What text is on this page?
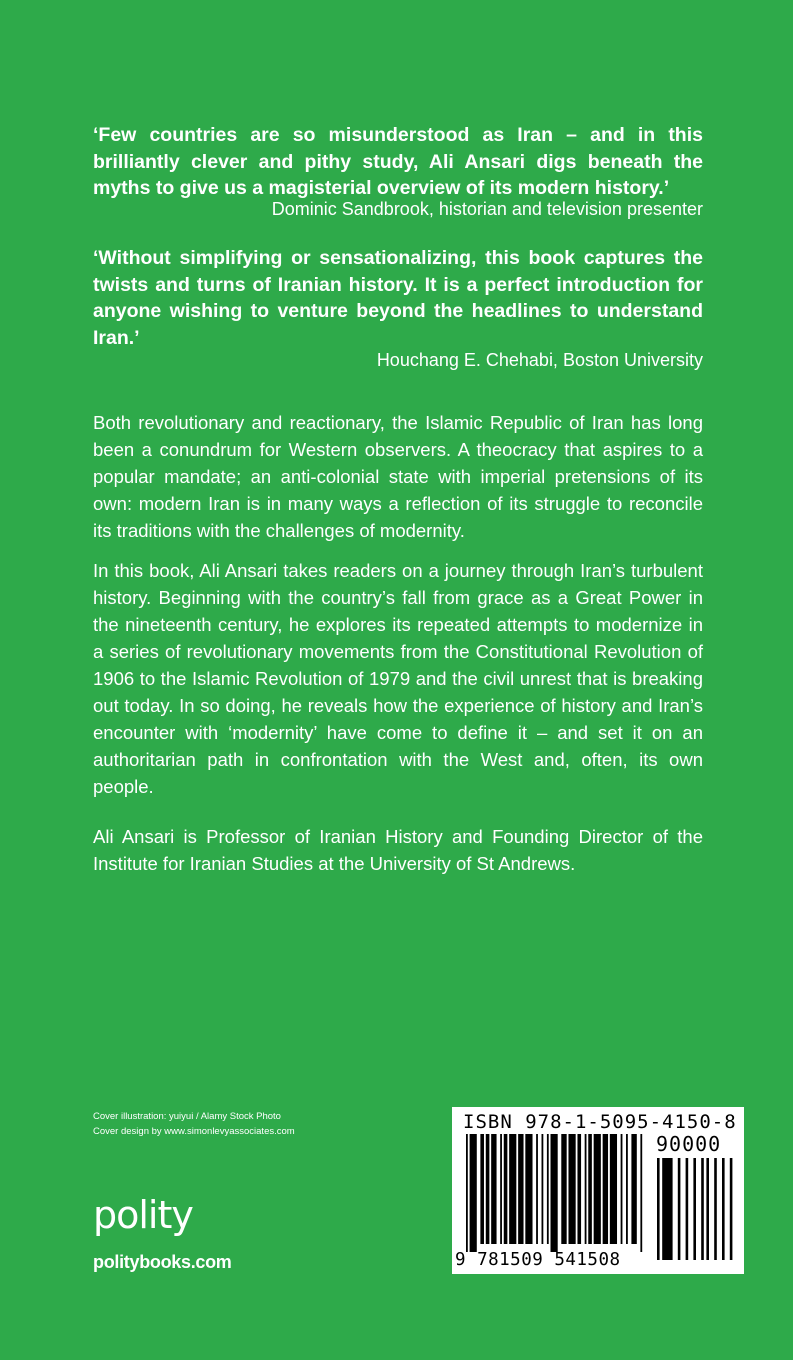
‘Few countries are so misunderstood as Iran – and in this brilliantly clever and pithy study, Ali Ansari digs beneath the myths to give us a magisterial overview of its modern history.’
Dominic Sandbrook, historian and television presenter
‘Without simplifying or sensationalizing, this book captures the twists and turns of Iranian history. It is a perfect introduction for anyone wishing to venture beyond the headlines to understand Iran.’
Houchang E. Chehabi, Boston University

Both revolutionary and reactionary, the Islamic Republic of Iran has long been a conundrum for Western observers. A theocracy that aspires to a popular mandate; an anti-colonial state with imperial pretensions of its own: modern Iran is in many ways a reflection of its struggle to reconcile its traditions with the challenges of modernity.

In this book, Ali Ansari takes readers on a journey through Iran’s turbulent history. Beginning with the country’s fall from grace as a Great Power in the nineteenth century, he explores its repeated attempts to modernize in a series of revolutionary movements from the Constitutional Revolution of 1906 to the Islamic Revolution of 1979 and the civil unrest that is breaking out today. In so doing, he reveals how the experience of history and Iran’s encounter with ‘modernity’ have come to define it – and set it on an authoritarian path in confrontation with the West and, often, its own people.

Ali Ansari is Professor of Iranian History and Founding Director of the Institute for Iranian Studies at the University of St Andrews.

Cover illustration: yuiyui / Alamy Stock Photo
Cover design by www.simonlevyassociates.com
polity
politybooks.com
ISBN 978-1-5095-4150-8
90000
9 781509 541508
